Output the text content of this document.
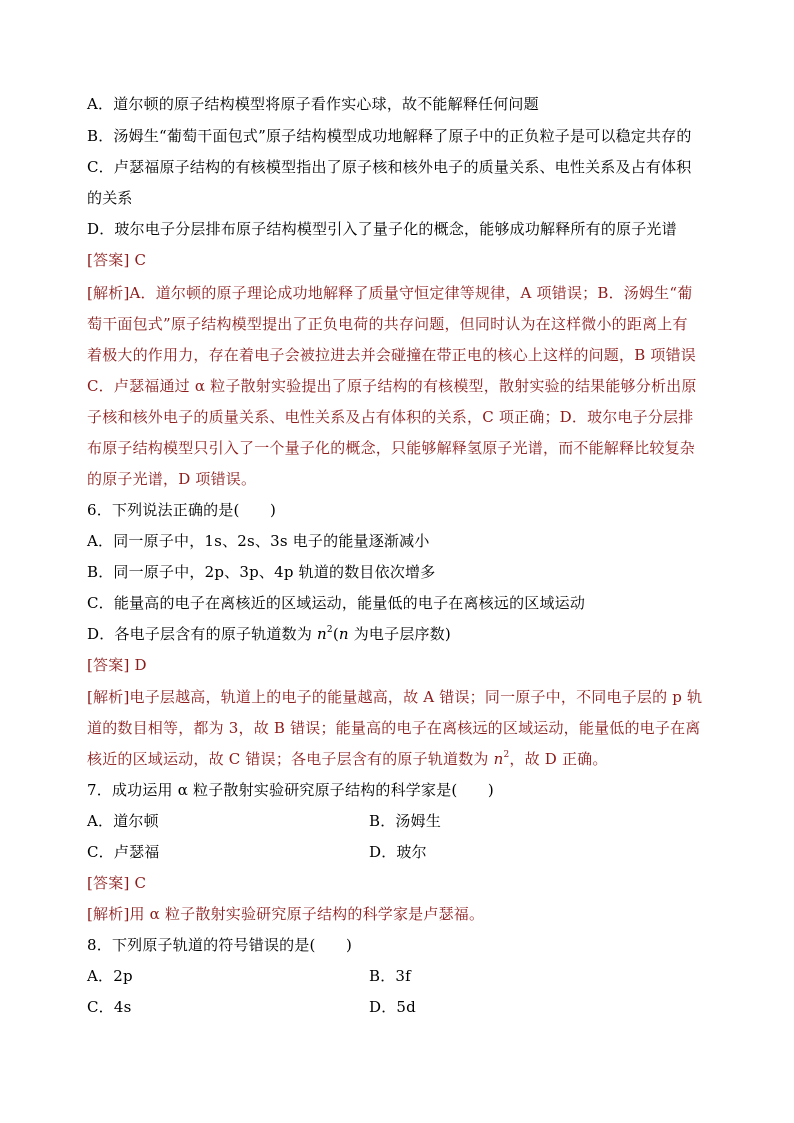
A．道尔顿的原子结构模型将原子看作实心球，故不能解释任何问题
B．汤姆生“葡萄干面包式”原子结构模型成功地解释了原子中的正负粒子是可以稳定共存的
C．卢瑟福原子结构的有核模型指出了原子核和核外电子的质量关系、电性关系及占有体积
的关系
D．玻尔电子分层排布原子结构模型引入了量子化的概念，能够成功解释所有的原子光谱
[答案] C
[解析]A．道尔顿的原子理论成功地解释了质量守恒定律等规律，A 项错误；B．汤姆生“葡
萄干面包式”原子结构模型提出了正负电荷的共存问题，但同时认为在这样微小的距离上有
着极大的作用力，存在着电子会被拉进去并会碰撞在带正电的核心上这样的问题，B 项错误
C．卢瑟福通过 α 粒子散射实验提出了原子结构的有核模型，散射实验的结果能够分析出原
子核和核外电子的质量关系、电性关系及占有体积的关系，C 项正确；D．玻尔电子分层排
布原子结构模型只引入了一个量子化的概念，只能够解释氢原子光谱，而不能解释比较复杂
的原子光谱，D 项错误。
6．下列说法正确的是(　　)
A．同一原子中，1s、2s、3s 电子的能量逐渐减小
B．同一原子中，2p、3p、4p 轨道的数目依次增多
C．能量高的电子在离核近的区域运动，能量低的电子在离核远的区域运动
D．各电子层含有的原子轨道数为 $n^2(n$ 为电子层序数)
[答案] D
[解析]电子层越高，轨道上的电子的能量越高，故 A 错误；同一原子中，不同电子层的 p 轨
道的数目相等，都为 3，故 B 错误；能量高的电子在离核远的区域运动，能量低的电子在离
核近的区域运动，故 C 错误；各电子层含有的原子轨道数为 $n^2$，故 D 正确。
7．成功运用 α 粒子散射实验研究原子结构的科学家是(　　)
A．道尔顿	B．汤姆生
C．卢瑟福	D．玻尔
[答案] C
[解析]用 α 粒子散射实验研究原子结构的科学家是卢瑟福。
8．下列原子轨道的符号错误的是(　　)
A．2p	B．3f
C．4s	D．5d
